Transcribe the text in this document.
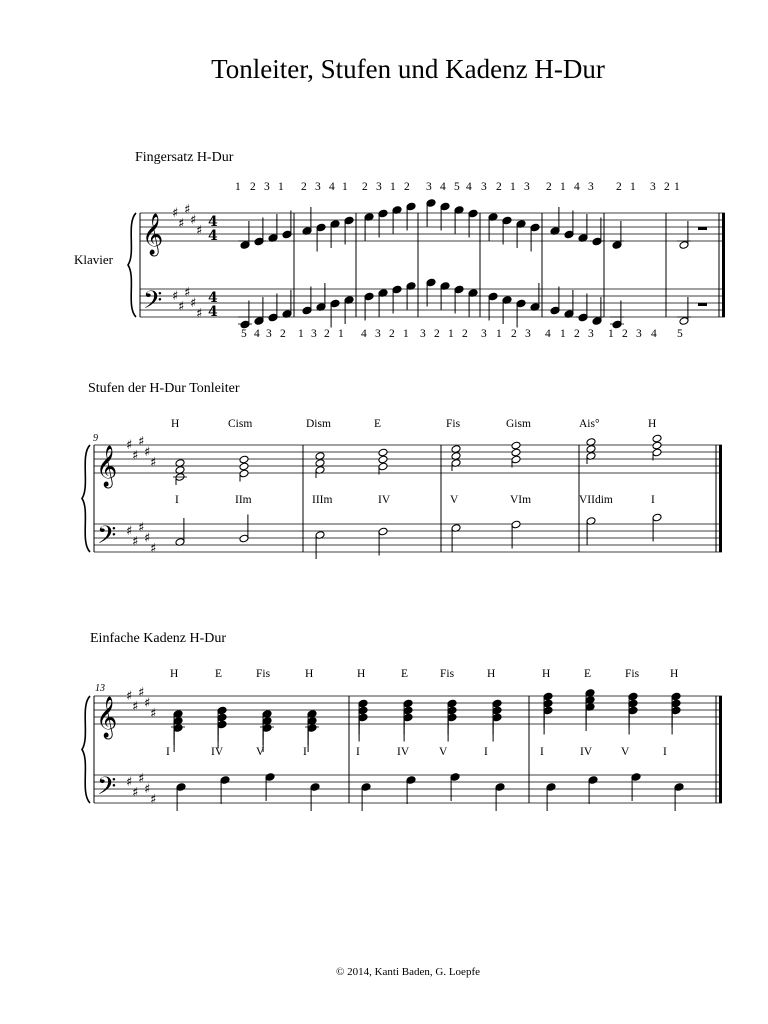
Tonleiter, Stufen und Kadenz H-Dur
Fingersatz H-Dur
Klavier
1 2 3 1 2 3 4 1 2 3 1 2 3 4 5 4 3 2 1 3 2 1 4 3 2 1 3 2 1
5 4 3 2 1 3 2 1 4 3 2 1 3 2 1 2 3 1 2 3 4 1 2 3 1 2 3 4 5
Stufen der H-Dur Tonleiter
9
H	Cism	Dism	E	Fis	Gism	Ais°	H
I	IIm	IIIm	IV	V	VIm	VIIdim	I
Einfache Kadenz H-Dur
13
H	E	Fis	H	H	E	Fis	H	H	E	Fis	H
I	IV	V	I	I	IV	V	I	I	IV	V	I
© 2014, Kanti Baden, G. Loepfe
𝄞
𝄢
♯
♯
♯
♯
♯
♯
♯
♯
♯
♯
4
4
4
4
𝄞
𝄢
♯
♯
♯
♯
♯
♯
♯
♯
♯
♯
𝄞
𝄢
♯
♯
♯
♯
♯
♯
♯
♯
♯
♯
